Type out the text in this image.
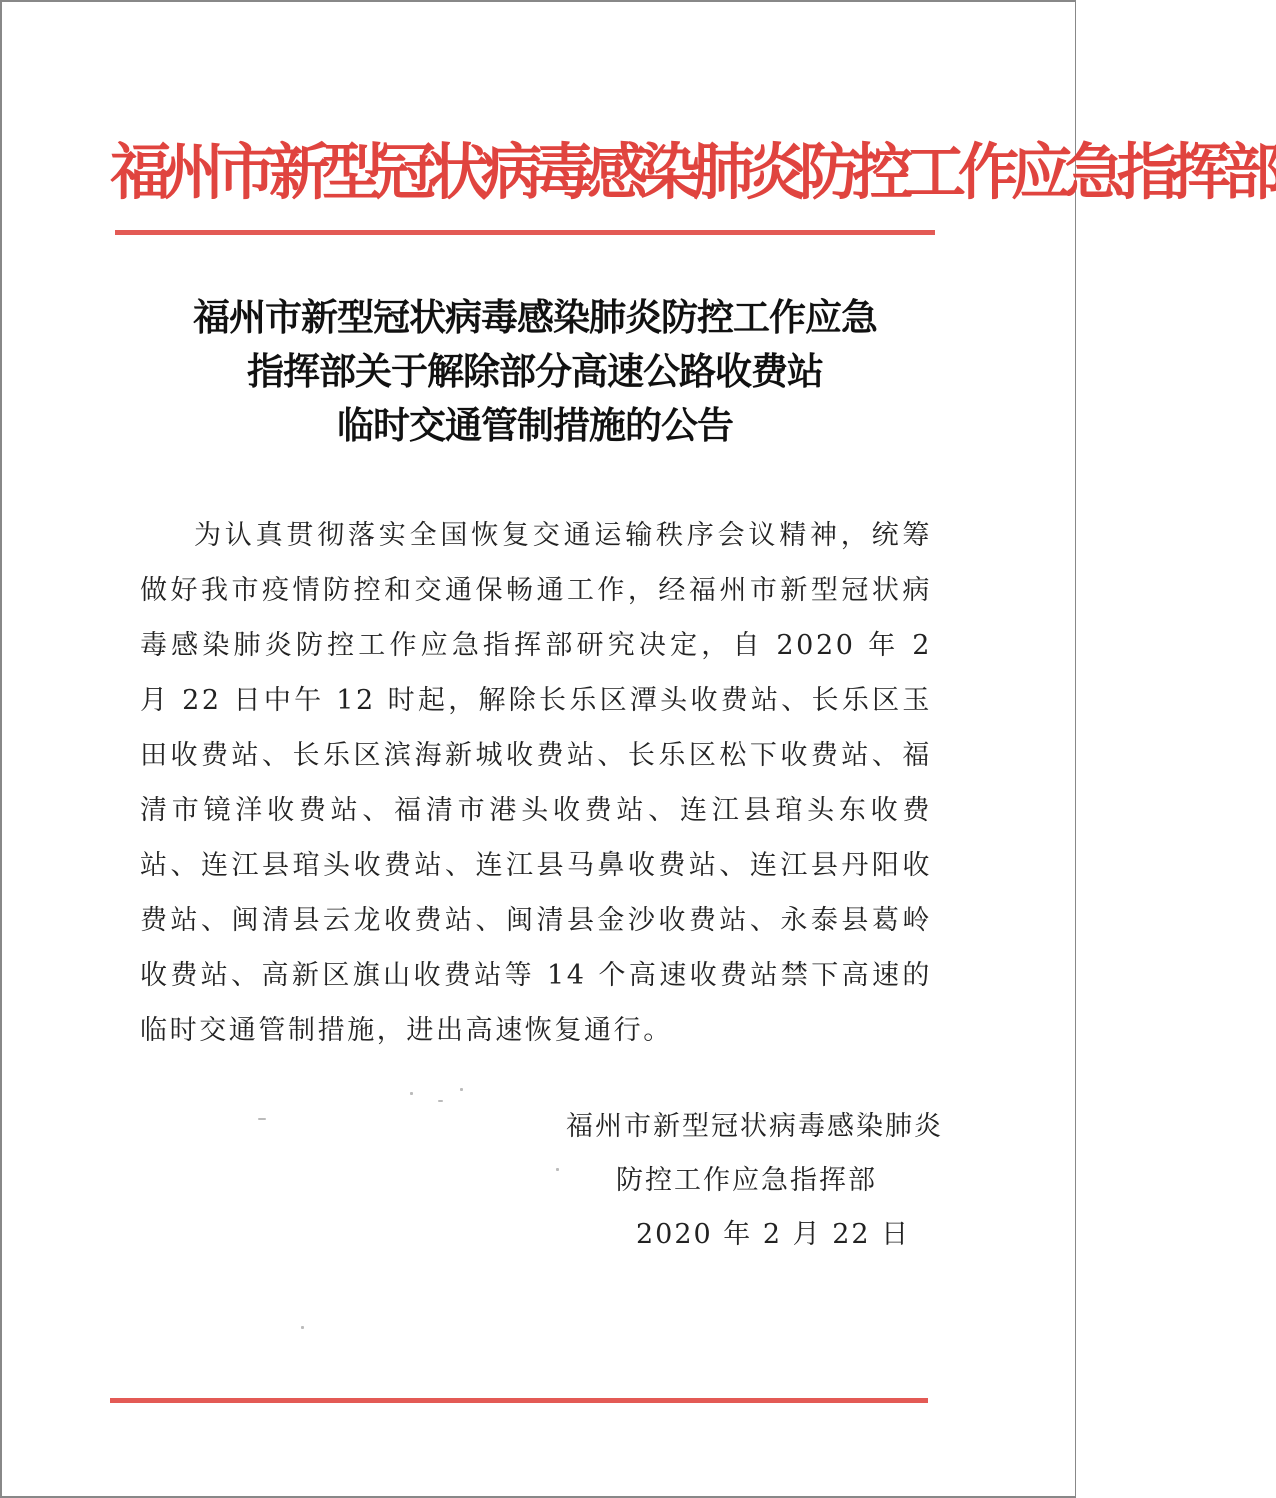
福州市新型冠状病毒感染肺炎防控工作应急指挥部
福州市新型冠状病毒感染肺炎防控工作应急
指挥部关于解除部分高速公路收费站
临时交通管制措施的公告
为认真贯彻落实全国恢复交通运输秩序会议精神，统筹做好我市疫情防控和交通保畅通工作，经福州市新型冠状病毒感染肺炎防控工作应急指挥部研究决定，自 2020 年 2 月 22 日中午 12 时起，解除长乐区潭头收费站、长乐区玉田收费站、长乐区滨海新城收费站、长乐区松下收费站、福清市镜洋收费站、福清市港头收费站、连江县琯头东收费站、连江县琯头收费站、连江县马鼻收费站、连江县丹阳收费站、闽清县云龙收费站、闽清县金沙收费站、永泰县葛岭收费站、高新区旗山收费站等 14 个高速收费站禁下高速的临时交通管制措施，进出高速恢复通行。
福州市新型冠状病毒感染肺炎
防控工作应急指挥部
2020 年 2 月 22 日
